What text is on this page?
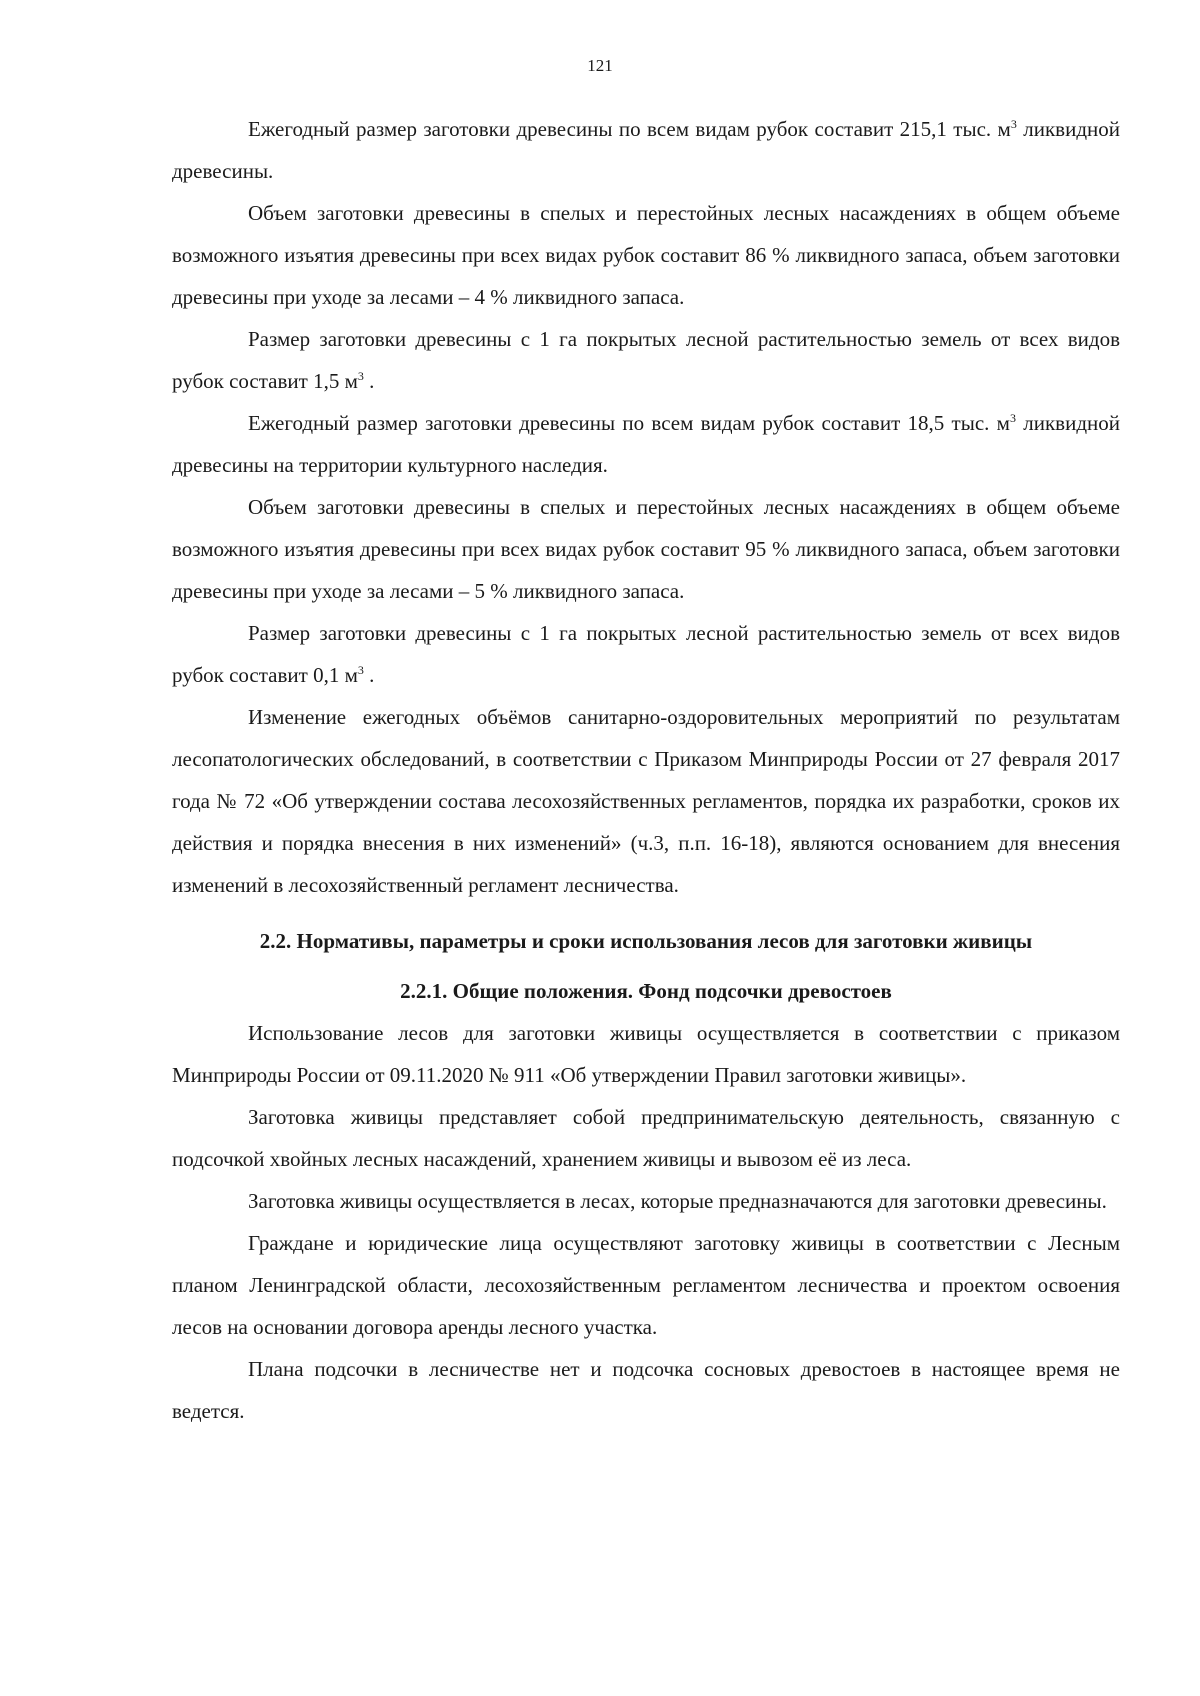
121

Ежегодный размер заготовки древесины по всем видам рубок составит 215,1 тыс. $м^3$ ликвидной древесины.

Объем заготовки древесины в спелых и перестойных лесных насаждениях в общем объеме возможного изъятия древесины при всех видах рубок составит 86 % ликвидного запаса, объем заготовки древесины при уходе за лесами – 4 % ликвидного запаса.

Размер заготовки древесины с 1 га покрытых лесной растительностью земель от всех видов рубок составит 1,5 $м^3$ .

Ежегодный размер заготовки древесины по всем видам рубок составит 18,5 тыс. $м^3$ ликвидной древесины на территории культурного наследия.

Объем заготовки древесины в спелых и перестойных лесных насаждениях в общем объеме возможного изъятия древесины при всех видах рубок составит 95 % ликвидного запаса, объем заготовки древесины при уходе за лесами – 5 % ликвидного запаса.

Размер заготовки древесины с 1 га покрытых лесной растительностью земель от всех видов рубок составит 0,1 $м^3$ .

Изменение ежегодных объёмов санитарно-оздоровительных мероприятий по результатам лесопатологических обследований, в соответствии с Приказом Минприроды России от 27 февраля 2017 года № 72 «Об утверждении состава лесохозяйственных регламентов, порядка их разработки, сроков их действия и порядка внесения в них изменений» (ч.3, п.п. 16-18), являются основанием для внесения изменений в лесохозяйственный регламент лесничества.

2.2. Нормативы, параметры и сроки использования лесов для заготовки живицы
2.2.1. Общие положения. Фонд подсочки древостоев

Использование лесов для заготовки живицы осуществляется в соответствии с приказом Минприроды России от 09.11.2020 № 911 «Об утверждении Правил заготовки живицы».

Заготовка живицы представляет собой предпринимательскую деятельность, связанную с подсочкой хвойных лесных насаждений, хранением живицы и вывозом её из леса.

Заготовка живицы осуществляется в лесах, которые предназначаются для заготовки древесины.

Граждане и юридические лица осуществляют заготовку живицы в соответствии с Лесным планом Ленинградской области, лесохозяйственным регламентом лесничества и проектом освоения лесов на основании договора аренды лесного участка.

Плана подсочки в лесничестве нет и подсочка сосновых древостоев в настоящее время не ведется.
